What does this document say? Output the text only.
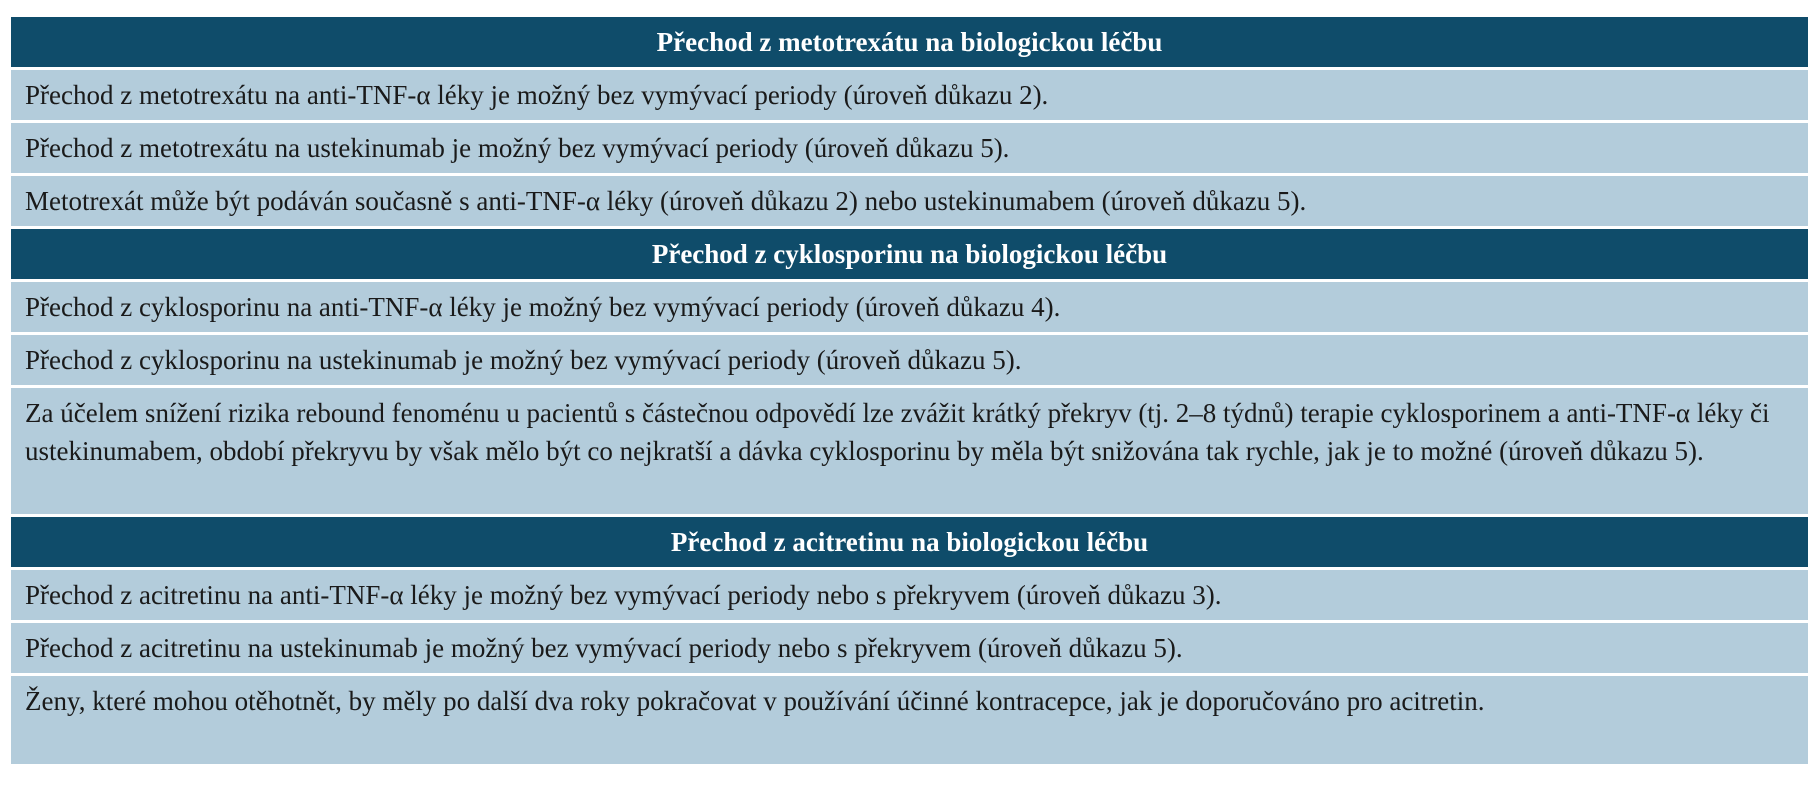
Přechod z metotrexátu na biologickou léčbu
Přechod z metotrexátu na anti-TNF-α léky je možný bez vymývací periody (úroveň důkazu 2).
Přechod z metotrexátu na ustekinumab je možný bez vymývací periody (úroveň důkazu 5).
Metotrexát může být podáván současně s anti-TNF-α léky (úroveň důkazu 2) nebo ustekinumabem (úroveň důkazu 5).
Přechod z cyklosporinu na biologickou léčbu
Přechod z cyklosporinu na anti-TNF-α léky je možný bez vymývací periody (úroveň důkazu 4).
Přechod z cyklosporinu na ustekinumab je možný bez vymývací periody (úroveň důkazu 5).
Za účelem snížení rizika rebound fenoménu u pacientů s částečnou odpovědí lze zvážit krátký překryv (tj. 2–8 týdnů) terapie cyklosporinem a anti-TNF-α léky či ustekinumabem, období překryvu by však mělo být co nejkratší a dávka cyklosporinu by měla být snižována tak rychle, jak je to možné (úroveň důkazu 5).
Přechod z acitretinu na biologickou léčbu
Přechod z acitretinu na anti-TNF-α léky je možný bez vymývací periody nebo s překryvem (úroveň důkazu 3).
Přechod z acitretinu na ustekinumab je možný bez vymývací periody nebo s překryvem (úroveň důkazu 5).
Ženy, které mohou otěhotnět, by měly po další dva roky pokračovat v používání účinné kontracepce, jak je doporučováno pro acitretin.
